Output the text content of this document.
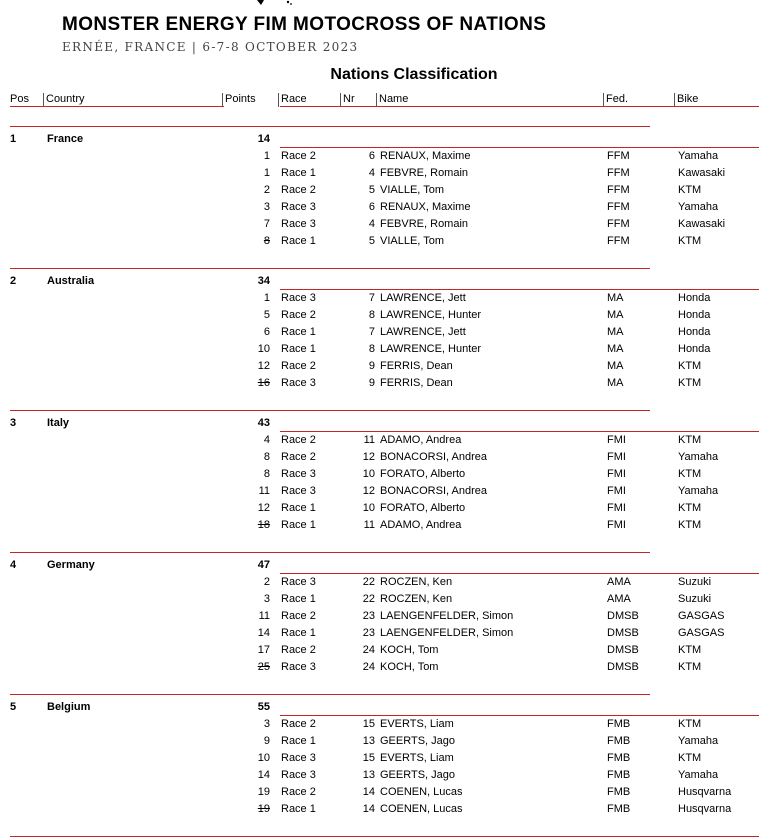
MONSTER ENERGY FIM MOTOCROSS OF NATIONS
ERNÉE, FRANCE | 6-7-8 OCTOBER 2023
Nations Classification
Pos Country	Points Race	Nr Name	Fed.	Bike
1	France	14
1 Race 2	6 RENAUX, Maxime	FFM	Yamaha
1 Race 1	4 FEBVRE, Romain	FFM	Kawasaki
2 Race 2	5 VIALLE, Tom	FFM	KTM
3 Race 3	6 RENAUX, Maxime	FFM	Yamaha
7 Race 3	4 FEBVRE, Romain	FFM	Kawasaki
8 Race 1	5 VIALLE, Tom	FFM	KTM
2	Australia	34
1 Race 3	7 LAWRENCE, Jett	MA	Honda
5 Race 2	8 LAWRENCE, Hunter	MA	Honda
6 Race 1	7 LAWRENCE, Jett	MA	Honda
10 Race 1	8 LAWRENCE, Hunter	MA	Honda
12 Race 2	9 FERRIS, Dean	MA	KTM
16 Race 3	9 FERRIS, Dean	MA	KTM
3	Italy	43
4 Race 2	11 ADAMO, Andrea	FMI	KTM
8 Race 2	12 BONACORSI, Andrea	FMI	Yamaha
8 Race 3	10 FORATO, Alberto	FMI	KTM
11 Race 3	12 BONACORSI, Andrea	FMI	Yamaha
12 Race 1	10 FORATO, Alberto	FMI	KTM
18 Race 1	11 ADAMO, Andrea	FMI	KTM
4	Germany	47
2 Race 3	22 ROCZEN, Ken	AMA	Suzuki
3 Race 1	22 ROCZEN, Ken	AMA	Suzuki
11 Race 2	23 LAENGENFELDER, Simon	DMSB	GASGAS
14 Race 1	23 LAENGENFELDER, Simon	DMSB	GASGAS
17 Race 2	24 KOCH, Tom	DMSB	KTM
25 Race 3	24 KOCH, Tom	DMSB	KTM
5	Belgium	55
3 Race 2	15 EVERTS, Liam	FMB	KTM
9 Race 1	13 GEERTS, Jago	FMB	Yamaha
10 Race 3	15 EVERTS, Liam	FMB	KTM
14 Race 3	13 GEERTS, Jago	FMB	Yamaha
19 Race 2	14 COENEN, Lucas	FMB	Husqvarna
19 Race 1	14 COENEN, Lucas	FMB	Husqvarna
